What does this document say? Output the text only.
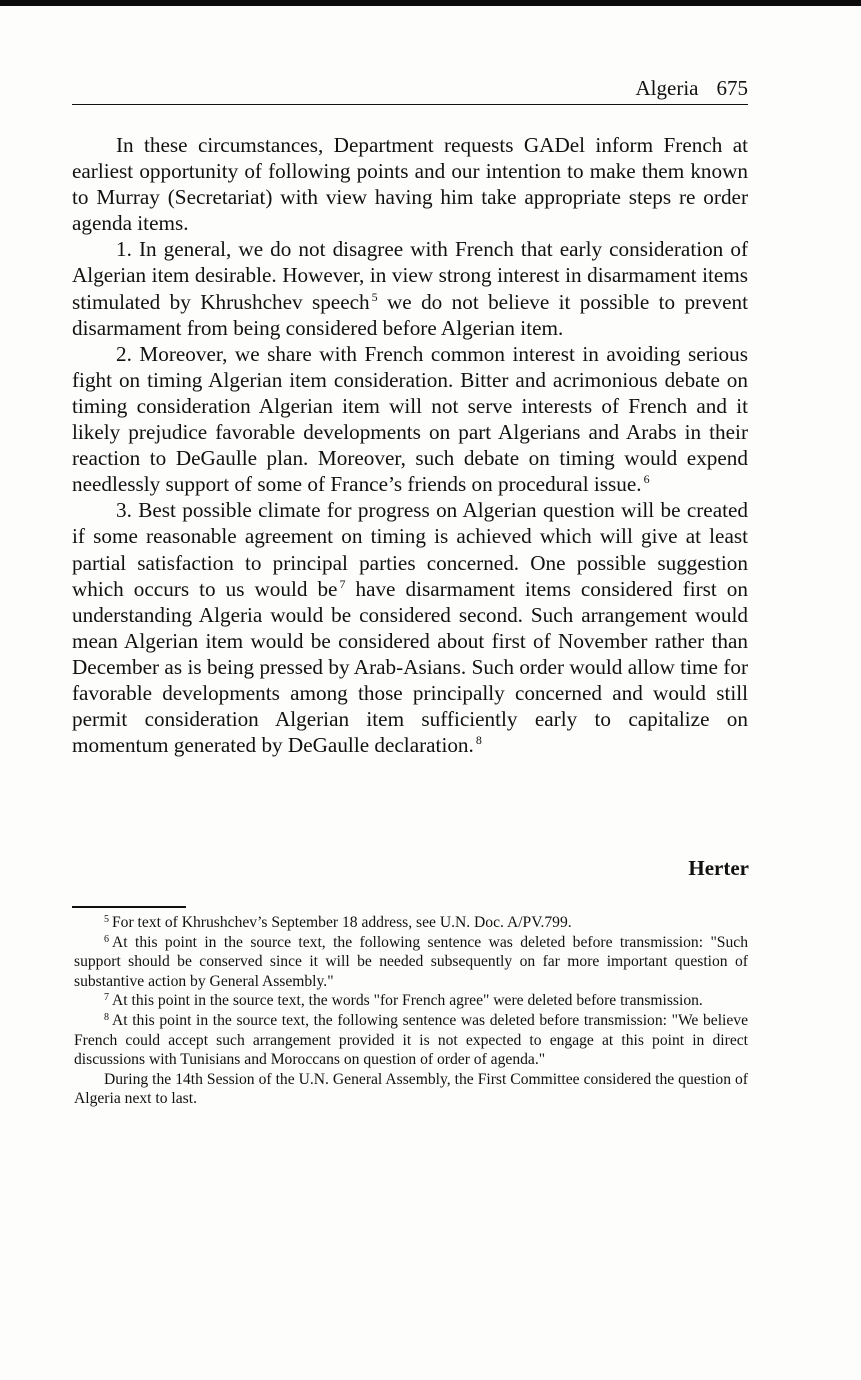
Algeria 675

In these circumstances, Department requests GADel inform French at earliest opportunity of following points and our intention to make them known to Murray (Secretariat) with view having him take appropriate steps re order agenda items.

1. In general, we do not disagree with French that early consideration of Algerian item desirable. However, in view strong interest in disarmament items stimulated by Khrushchev speech $^5$ we do not believe it possible to prevent disarmament from being considered before Algerian item.

2. Moreover, we share with French common interest in avoiding serious fight on timing Algerian item consideration. Bitter and acrimonious debate on timing consideration Algerian item will not serve interests of French and it likely prejudice favorable developments on part Algerians and Arabs in their reaction to DeGaulle plan. Moreover, such debate on timing would expend needlessly support of some of France’s friends on procedural issue. $^6$

3. Best possible climate for progress on Algerian question will be created if some reasonable agreement on timing is achieved which will give at least partial satisfaction to principal parties concerned. One possible suggestion which occurs to us would be $^7$ have disarmament items considered first on understanding Algeria would be considered second. Such arrangement would mean Algerian item would be considered about first of November rather than December as is being pressed by Arab-Asians. Such order would allow time for favorable developments among those principally concerned and would still permit consideration Algerian item sufficiently early to capitalize on momentum generated by DeGaulle declaration. $^8$

Herter

$^5$ For text of Khrushchev’s September 18 address, see U.N. Doc. A/PV.799.

$^6$ At this point in the source text, the following sentence was deleted before transmission: "Such support should be conserved since it will be needed subsequently on far more important question of substantive action by General Assembly."

$^7$ At this point in the source text, the words "for French agree" were deleted before transmission.

$^8$ At this point in the source text, the following sentence was deleted before transmission: "We believe French could accept such arrangement provided it is not expected to engage at this point in direct discussions with Tunisians and Moroccans on question of order of agenda."

During the 14th Session of the U.N. General Assembly, the First Committee considered the question of Algeria next to last.
